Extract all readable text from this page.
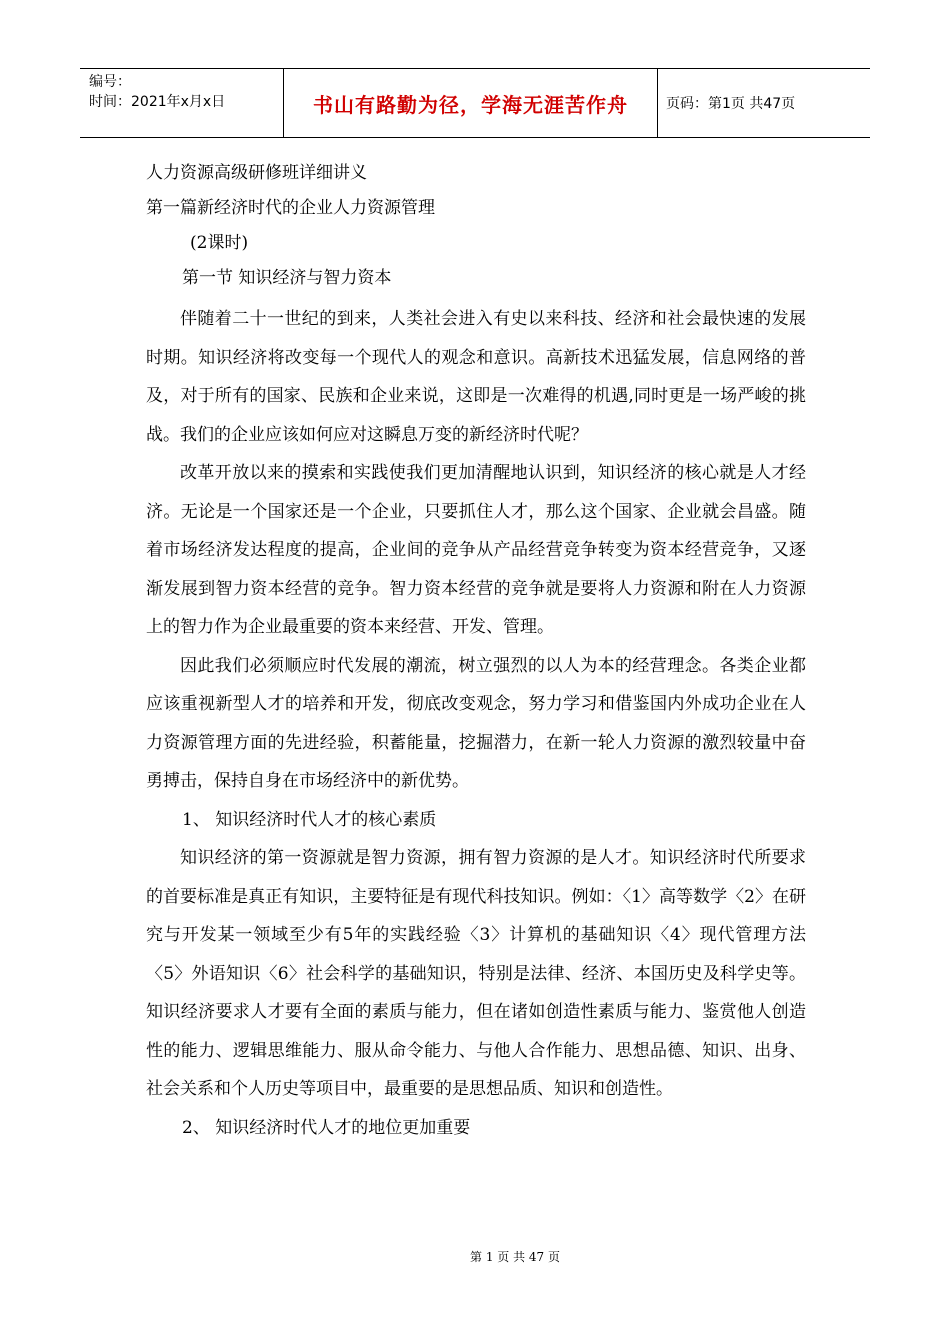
编号：
时间：2021年x月x日	书山有路勤为径，学海无涯苦作舟	页码：第1页 共47页
人力资源高级研修班详细讲义
第一篇新经济时代的企业人力资源管理
(2课时)
第一节 知识经济与智力资本

伴随着二十一世纪的到来，人类社会进入有史以来科技、经济和社会最快速的发展时期。知识经济将改变每一个现代人的观念和意识。高新技术迅猛发展，信息网络的普及，对于所有的国家、民族和企业来说，这即是一次难得的机遇,同时更是一场严峻的挑战。我们的企业应该如何应对这瞬息万变的新经济时代呢？

改革开放以来的摸索和实践使我们更加清醒地认识到，知识经济的核心就是人才经济。无论是一个国家还是一个企业，只要抓住人才，那么这个国家、企业就会昌盛。随着市场经济发达程度的提高，企业间的竞争从产品经营竞争转变为资本经营竞争，又逐渐发展到智力资本经营的竞争。智力资本经营的竞争就是要将人力资源和附在人力资源上的智力作为企业最重要的资本来经营、开发、管理。

因此我们必须顺应时代发展的潮流，树立强烈的以人为本的经营理念。各类企业都应该重视新型人才的培养和开发，彻底改变观念，努力学习和借鉴国内外成功企业在人力资源管理方面的先进经验，积蓄能量，挖掘潜力，在新一轮人力资源的激烈较量中奋勇搏击，保持自身在市场经济中的新优势。

1、 知识经济时代人才的核心素质

知识经济的第一资源就是智力资源，拥有智力资源的是人才。知识经济时代所要求的首要标准是真正有知识，主要特征是有现代科技知识。例如：〈1〉高等数学〈2〉在研究与开发某一领域至少有5年的实践经验〈3〉计算机的基础知识〈4〉现代管理方法〈5〉外语知识〈6〉社会科学的基础知识，特别是法律、经济、本国历史及科学史等。知识经济要求人才要有全面的素质与能力，但在诸如创造性素质与能力、鉴赏他人创造性的能力、逻辑思维能力、服从命令能力、与他人合作能力、思想品德、知识、出身、社会关系和个人历史等项目中，最重要的是思想品质、知识和创造性。

2、 知识经济时代人才的地位更加重要
第 1 页 共 47 页
